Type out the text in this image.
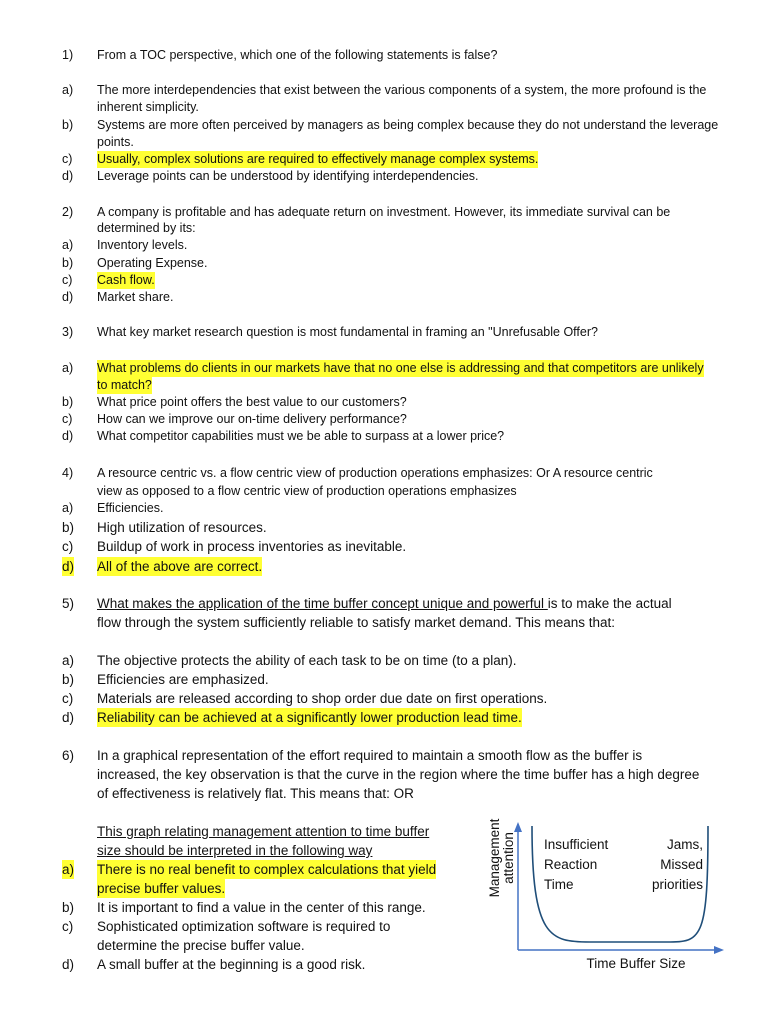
1) From a TOC perspective, which one of the following statements is false?
a) The more interdependencies that exist between the various components of a system, the more profound is the
inherent simplicity.
b) Systems are more often perceived by managers as being complex because they do not understand the leverage
points.
c) Usually, complex solutions are required to effectively manage complex systems.
d) Leverage points can be understood by identifying interdependencies.
2) A company is profitable and has adequate return on investment. However, its immediate survival can be
determined by its:
a) Inventory levels.
b) Operating Expense.
c) Cash flow.
d) Market share.
3) What key market research question is most fundamental in framing an "Unrefusable Offer?
a) What problems do clients in our markets have that no one else is addressing and that competitors are unlikely
to match?
b) What price point offers the best value to our customers?
c) How can we improve our on-time delivery performance?
d) What competitor capabilities must we be able to surpass at a lower price?
4) A resource centric vs. a flow centric view of production operations emphasizes: Or A resource centric
view as opposed to a flow centric view of production operations emphasizes
a) Efficiencies.
b) High utilization of resources.
c) Buildup of work in process inventories as inevitable.
d) All of the above are correct.
5) What makes the application of the time buffer concept unique and powerful is to make the actual
flow through the system sufficiently reliable to satisfy market demand. This means that:
a) The objective protects the ability of each task to be on time (to a plan).
b) Efficiencies are emphasized.
c) Materials are released according to shop order due date on first operations.
d) Reliability can be achieved at a significantly lower production lead time.
6) In a graphical representation of the effort required to maintain a smooth flow as the buffer is
increased, the key observation is that the curve in the region where the time buffer has a high degree
of effectiveness is relatively flat. This means that: OR
This graph relating management attention to time buffer
size should be interpreted in the following way
a) There is no real benefit to complex calculations that yield
precise buffer values.
b) It is important to find a value in the center of this range.
c) Sophisticated optimization software is required to
determine the precise buffer value.
d) A small buffer at the beginning is a good risk.
Management attention Insufficient
Reaction
Time
Jams,
Missed
priorities
Time Buffer Size
